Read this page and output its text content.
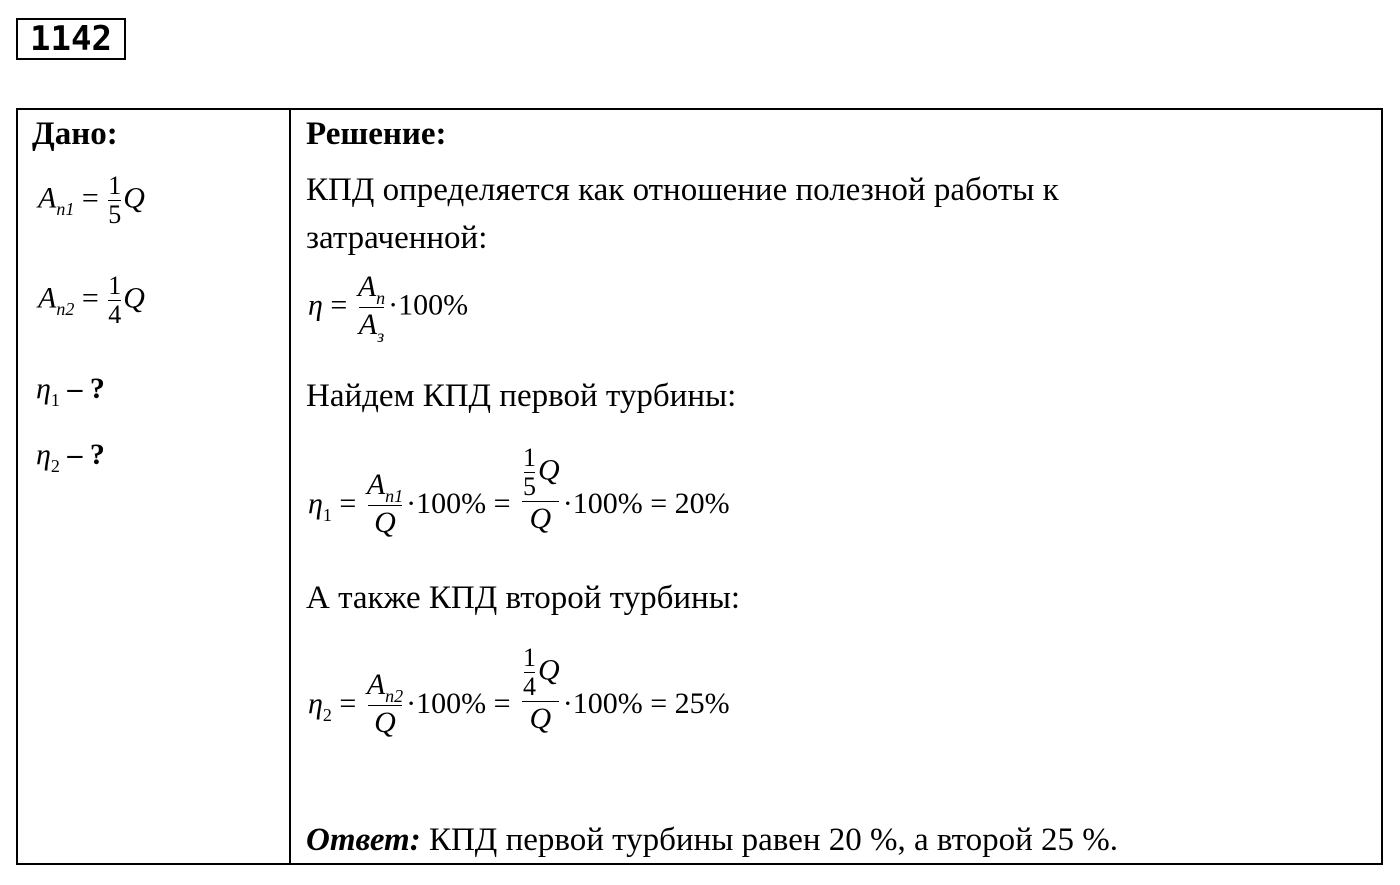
1142
Дано:
$A_{п1} = \frac{1}{5}$ Q
$A_{п2} = \frac{1}{4}$ Q
$\eta_1$ – ?
$\eta_2$ – ?
Решение:
КПД определяется как отношение полезной работы к
затраченной:
$\eta = \frac{A_п}{A_з} \cdot 100\%$
Найдем КПД первой турбины:
$\eta_1 = \frac{A_{п1}}{Q} \cdot 100\% = \frac{\frac{1}{5} Q}{Q} \cdot 100\% = 20\%$
А также КПД второй турбины:
$\eta_2 = \frac{A_{п2}}{Q} \cdot 100\% = \frac{\frac{1}{4} Q}{Q} \cdot 100\% = 25\%$
Ответ: КПД первой турбины равен 20 %, а второй 25 %.
